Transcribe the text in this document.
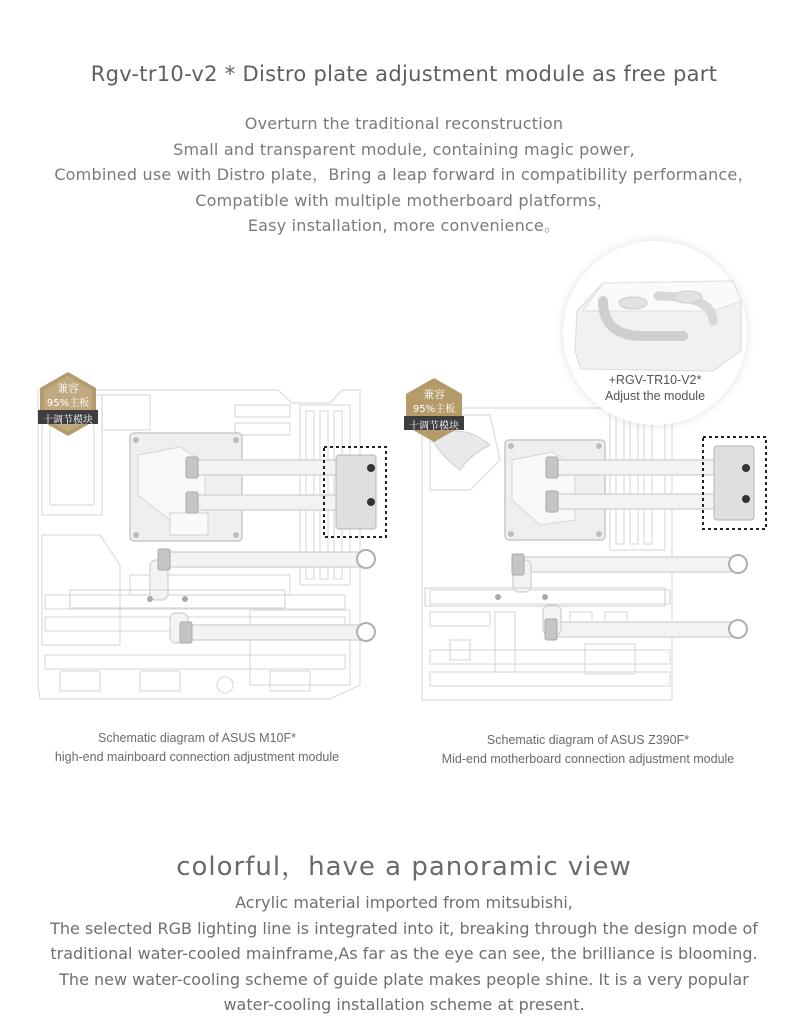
Rgv-tr10-v2 * Distro plate adjustment module as free part
Overturn the traditional reconstruction
Small and transparent module, containing magic power,
Combined use with Distro plate，Bring a leap forward in compatibility performance，
Compatible with multiple motherboard platforms，
Easy installation, more convenience。
兼容
95%主板
十调节模块
兼容
95%主板
十调节模块
+RGV-TR10-V2*
Adjust the module
Schematic diagram of ASUS M10F*
high-end mainboard connection adjustment module
Schematic diagram of ASUS Z390F*
Mid-end motherboard connection adjustment module
colorful，have a panoramic view
Acrylic material imported from mitsubishi,
The selected RGB lighting line is integrated into it, breaking through the design mode of
traditional water-cooled mainframe,As far as the eye can see, the brilliance is blooming.
The new water-cooling scheme of guide plate makes people shine. It is a very popular
water-cooling installation scheme at present.
